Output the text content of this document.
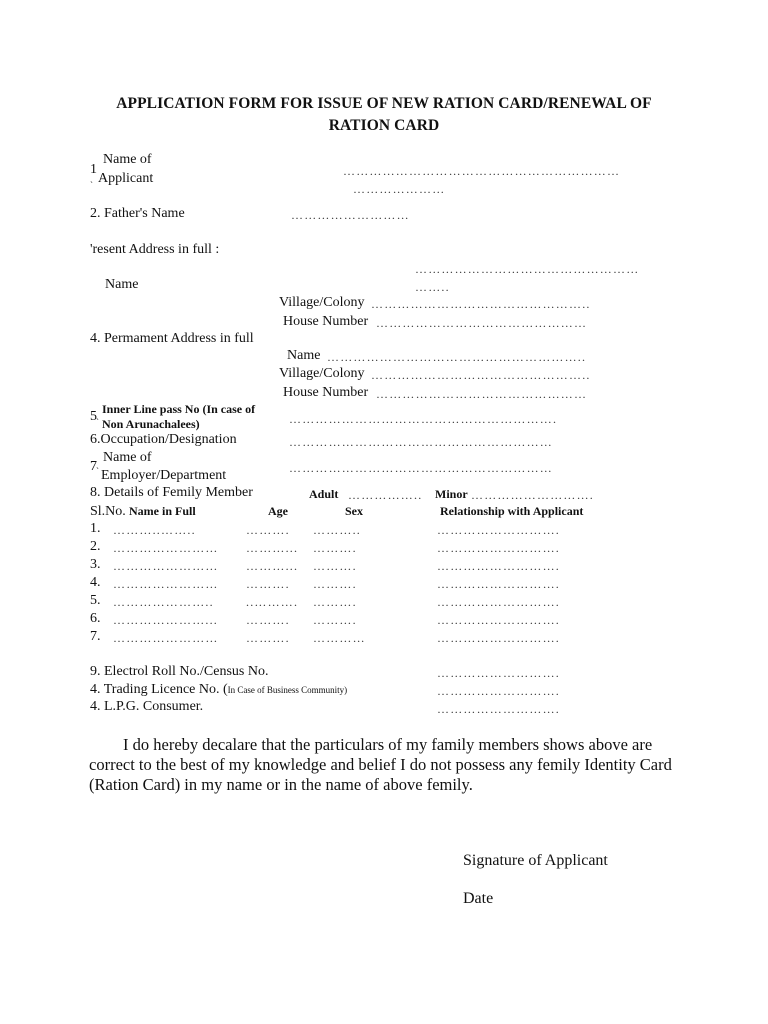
APPLICATION FORM FOR ISSUE OF NEW RATION CARD/RENEWAL OF
RATION CARD
1
`
Name of
Applicant	………………………………………………………
…………………
2. Father's Name	………………………
'resent Address in full :
……………………………………………
Name	……..
Village/Colony …………………………………………..
House Number …………………………………………
4. Permament Address in full
Name …………………………………………………..
Village/Colony …………………………………………..
House Number …………………………………………
5 `
Inner Line pass No (In case of
Non Arunachalees)	…………………………………………………….
6.Occupation/Designation	……………………………………………………
7 `
Name of
Employer/Department	……………………………………………………
8. Details of Femily Member	Adult …………….. Minor ……………………….
Sl.No. Name in Full	Age	Sex	Relationship with Applicant
1. ………..……..	………. ………..	……………………….
2. …………………… ………... ……….	……………………….
3. …………………… ………... ……….	……………………….
4. …………………… ………. ……….	……………………….
5. …………………..	..………. ……….	……………………….
6. …………………... ………. ……….	……………………….
7. …………………… ………. …………	……………………….
9. Electrol Roll No./Census No.	……………………….
4. Trading Licence No. (In Case of Business Community)	……………………….
4. L.P.G. Consumer.	……………………….
I do hereby decalare that the particulars of my family members shows above are correct to the best of my knowledge and belief I do not possess any femily Identity Card (Ration Card) in my name or in the name of above femily.
Signature of Applicant
Date
